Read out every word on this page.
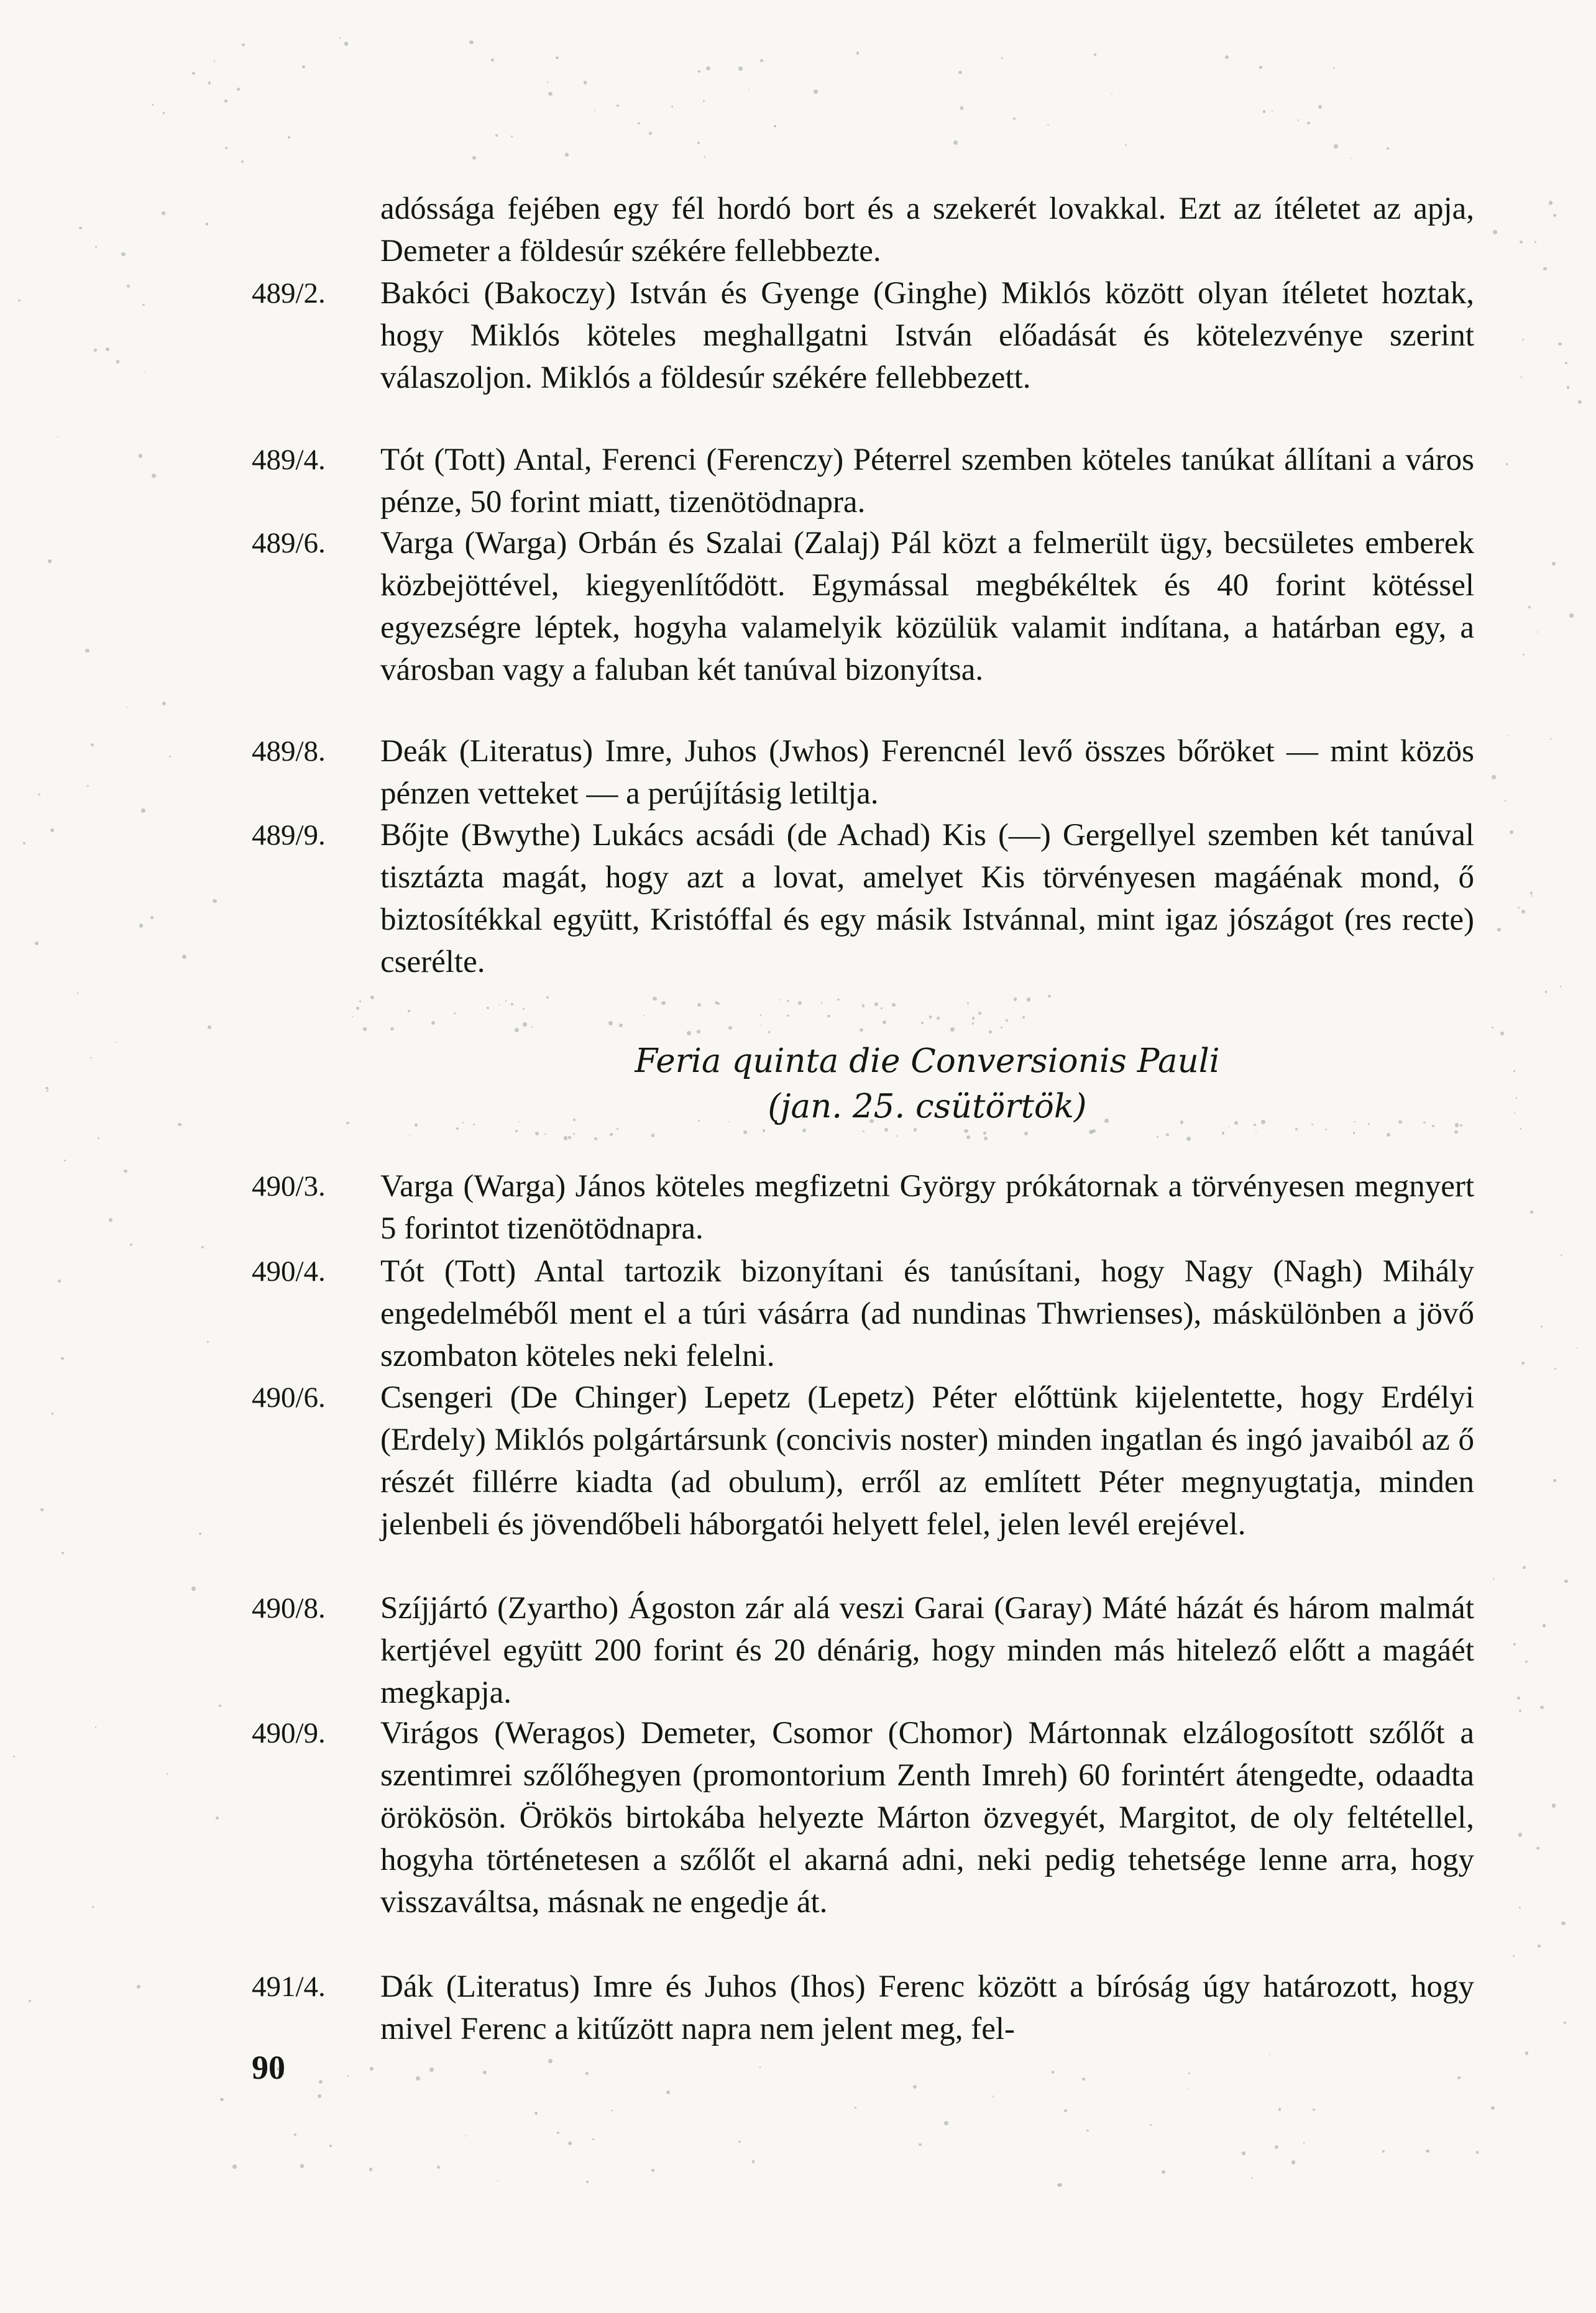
adóssága fejében egy fél hordó bort és a szekerét lovakkal. Ezt az ítéletet az apja, Demeter a földesúr székére fellebbezte.
489/2.	Bakóci (Bakoczy) István és Gyenge (Ginghe) Miklós között olyan ítéletet hoztak, hogy Miklós köteles meghallgatni István előadását és kötelezvénye szerint válaszoljon. Miklós a földesúr székére fellebbezett.
489/4.	Tót (Tott) Antal, Ferenci (Ferenczy) Péterrel szemben köteles tanúkat állítani a város pénze, 50 forint miatt, tizenötödnapra.
489/6.	Varga (Warga) Orbán és Szalai (Zalaj) Pál közt a felmerült ügy, becsületes emberek közbejöttével, kiegyenlítődött. Egymással megbékéltek és 40 forint kötéssel egyezségre léptek, hogyha valamelyik közülük valamit indítana, a határban egy, a városban vagy a faluban két tanúval bizonyítsa.
489/8.	Deák (Literatus) Imre, Juhos (Jwhos) Ferencnél levő összes bőröket — mint közös pénzen vetteket — a perújításig letiltja.
489/9.	Bőjte (Bwythe) Lukács acsádi (de Achad) Kis (—) Gergellyel szemben két tanúval tisztázta magát, hogy azt a lovat, amelyet Kis törvényesen magáénak mond, ő biztosítékkal együtt, Kristóffal és egy másik Istvánnal, mint igaz jószágot (res recte) cserélte.
Feria quinta die Conversionis Pauli
(jan. 25. csütörtök)
490/3.	Varga (Warga) János köteles megfizetni György prókátornak a törvényesen megnyert 5 forintot tizenötödnapra.
490/4.	Tót (Tott) Antal tartozik bizonyítani és tanúsítani, hogy Nagy (Nagh) Mihály engedelméből ment el a túri vásárra (ad nundinas Thwrienses), máskülönben a jövő szombaton köteles neki felelni.
490/6.	Csengeri (De Chinger) Lepetz (Lepetz) Péter előttünk kijelentette, hogy Erdélyi (Erdely) Miklós polgártársunk (concivis noster) minden ingatlan és ingó javaiból az ő részét fillérre kiadta (ad obulum), erről az említett Péter megnyugtatja, minden jelenbeli és jövendőbeli háborgatói helyett felel, jelen levél erejével.
490/8.	Szíjjártó (Zyartho) Ágoston zár alá veszi Garai (Garay) Máté házát és három malmát kertjével együtt 200 forint és 20 dénárig, hogy minden más hitelező előtt a magáét megkapja.
490/9.	Virágos (Weragos) Demeter, Csomor (Chomor) Mártonnak elzálogosított szőlőt a szentimrei szőlőhegyen (promontorium Zenth Imreh) 60 forintért átengedte, odaadta örökösön. Örökös birtokába helyezte Márton özvegyét, Margitot, de oly feltétellel, hogyha történetesen a szőlőt el akarná adni, neki pedig tehetsége lenne arra, hogy visszaváltsa, másnak ne engedje át.
491/4.	Dák (Literatus) Imre és Juhos (Ihos) Ferenc között a bíróság úgy határozott, hogy mivel Ferenc a kitűzött napra nem jelent meg, fel-
90
